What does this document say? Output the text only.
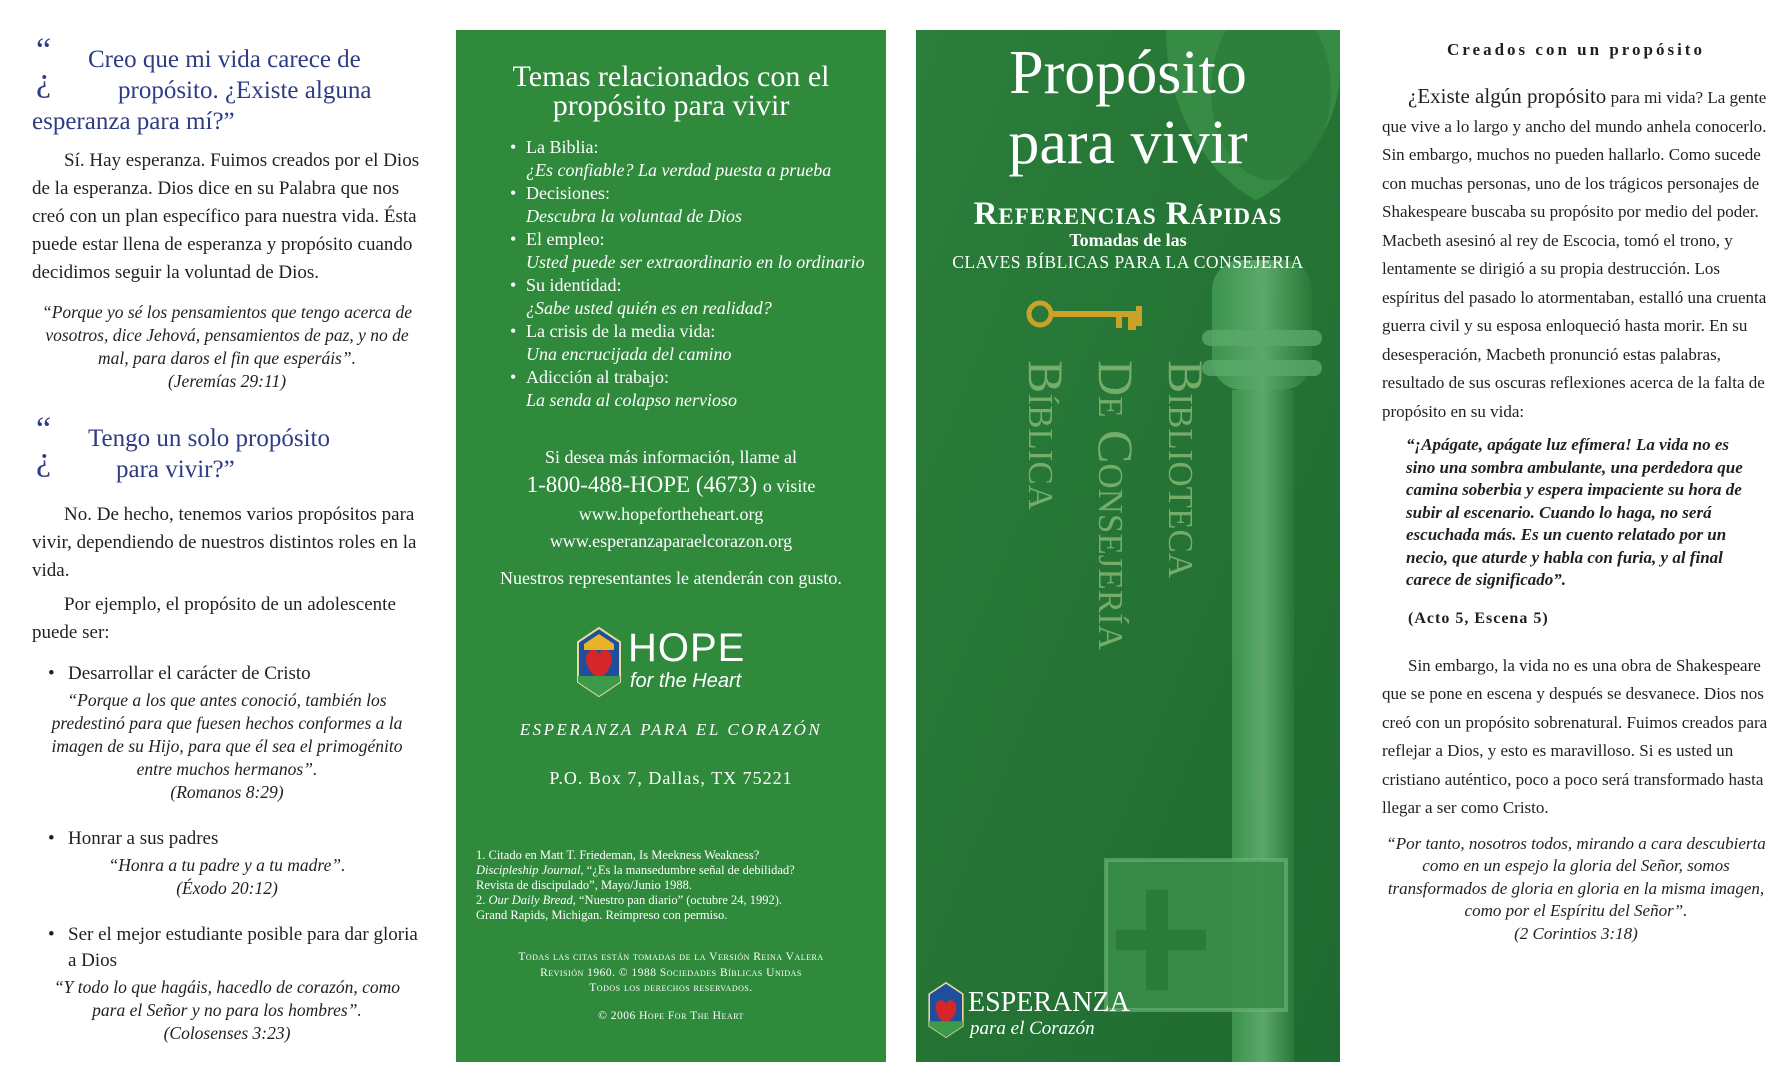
“
¿
Creo que mi vida carece de
propósito. ¿Existe alguna
esperanza para mí?”

Sí. Hay esperanza. Fuimos creados por el Dios de la esperanza. Dios dice en su Palabra que nos creó con un plan específico para nuestra vida. Ésta puede estar llena de esperanza y propósito cuando decidimos seguir la voluntad de Dios.

“Porque yo sé los pensamientos que tengo acerca de vosotros, dice Jehová, pensamientos de paz, y no de mal, para daros el fin que esperáis”.
(Jeremías 29:11)
“
¿
Tengo un solo propósito
para vivir?”

No. De hecho, tenemos varios propósitos para vivir, dependiendo de nuestros distintos roles en la vida.

Por ejemplo, el propósito de un adolescente puede ser:

• Desarrollar el carácter de Cristo
“Porque a los que antes conoció, también los predestinó para que fuesen hechos conformes a la imagen de su Hijo, para que él sea el primogénito entre muchos hermanos”.
(Romanos 8:29)
• Honrar a sus padres
“Honra a tu padre y a tu madre”.
(Éxodo 20:12)
• Ser el mejor estudiante posible para dar gloria a Dios
“Y todo lo que hagáis, hacedlo de corazón, como para el Señor y no para los hombres”.
(Colosenses 3:23)
Temas relacionados con el
propósito para vivir
• La Biblia:
¿Es confiable? La verdad puesta a prueba
• Decisiones:
Descubra la voluntad de Dios
• El empleo:
Usted puede ser extraordinario en lo ordinario
• Su identidad:
¿Sabe usted quién es en realidad?
• La crisis de la media vida:
Una encrucijada del camino
• Adicción al trabajo:
La senda al colapso nervioso
Si desea más información, llame al
1-800-488-HOPE (4673) o visite
www.hopefortheheart.org
www.esperanzaparaelcorazon.org
Nuestros representantes le atenderán con gusto.
HOPE
for the Heart
ESPERANZA PARA EL CORAZÓN
P.O. Box 7, Dallas, TX 75221
1. Citado en Matt T. Friedeman, Is Meekness Weakness?
Discipleship Journal, “¿Es la mansedumbre señal de debilidad?
Revista de discipulado”, Mayo/Junio 1988.
2. Our Daily Bread, “Nuestro pan diario” (octubre 24, 1992).
Grand Rapids, Michigan. Reimpreso con permiso.
Todas las citas están tomadas de la Versión Reina Valera
Revisión 1960. © 1988 Sociedades Bíblicas Unidas
Todos los derechos reservados.
© 2006 Hope For The Heart
Propósito
para vivir
Referencias Rápidas
Tomadas de las
CLAVES BÍBLICAS PARA LA CONSEJERIA
Biblioteca
De Consejería
Bíblica
ESPERANZA
para el Corazón
Creados con un propósito

¿Existe algún propósito para mi vida? La gente que vive a lo largo y ancho del mundo anhela conocerlo. Sin embargo, muchos no pueden hallarlo. Como sucede con muchas personas, uno de los trágicos personajes de Shakespeare buscaba su propósito por medio del poder. Macbeth asesinó al rey de Escocia, tomó el trono, y lentamente se dirigió a su propia destrucción. Los espíritus del pasado lo atormentaban, estalló una cruenta guerra civil y su esposa enloqueció hasta morir. En su desesperación, Macbeth pronunció estas palabras, resultado de sus oscuras reflexiones acerca de la falta de propósito en su vida:

“¡Apágate, apágate luz efímera! La vida no es sino una sombra ambulante, una perdedora que camina soberbia y espera impaciente su hora de subir al escenario. Cuando lo haga, no será escuchada más. Es un cuento relatado por un necio, que aturde y habla con furia, y al final carece de significado”.
(Acto 5, Escena 5)

Sin embargo, la vida no es una obra de Shakespeare que se pone en escena y después se desvanece. Dios nos creó con un propósito sobrenatural. Fuimos creados para reflejar a Dios, y esto es maravilloso. Si es usted un cristiano auténtico, poco a poco será transformado hasta llegar a ser como Cristo.

“Por tanto, nosotros todos, mirando a cara descubierta como en un espejo la gloria del Señor, somos transformados de gloria en gloria en la misma imagen, como por el Espíritu del Señor”.
(2 Corintios 3:18)
